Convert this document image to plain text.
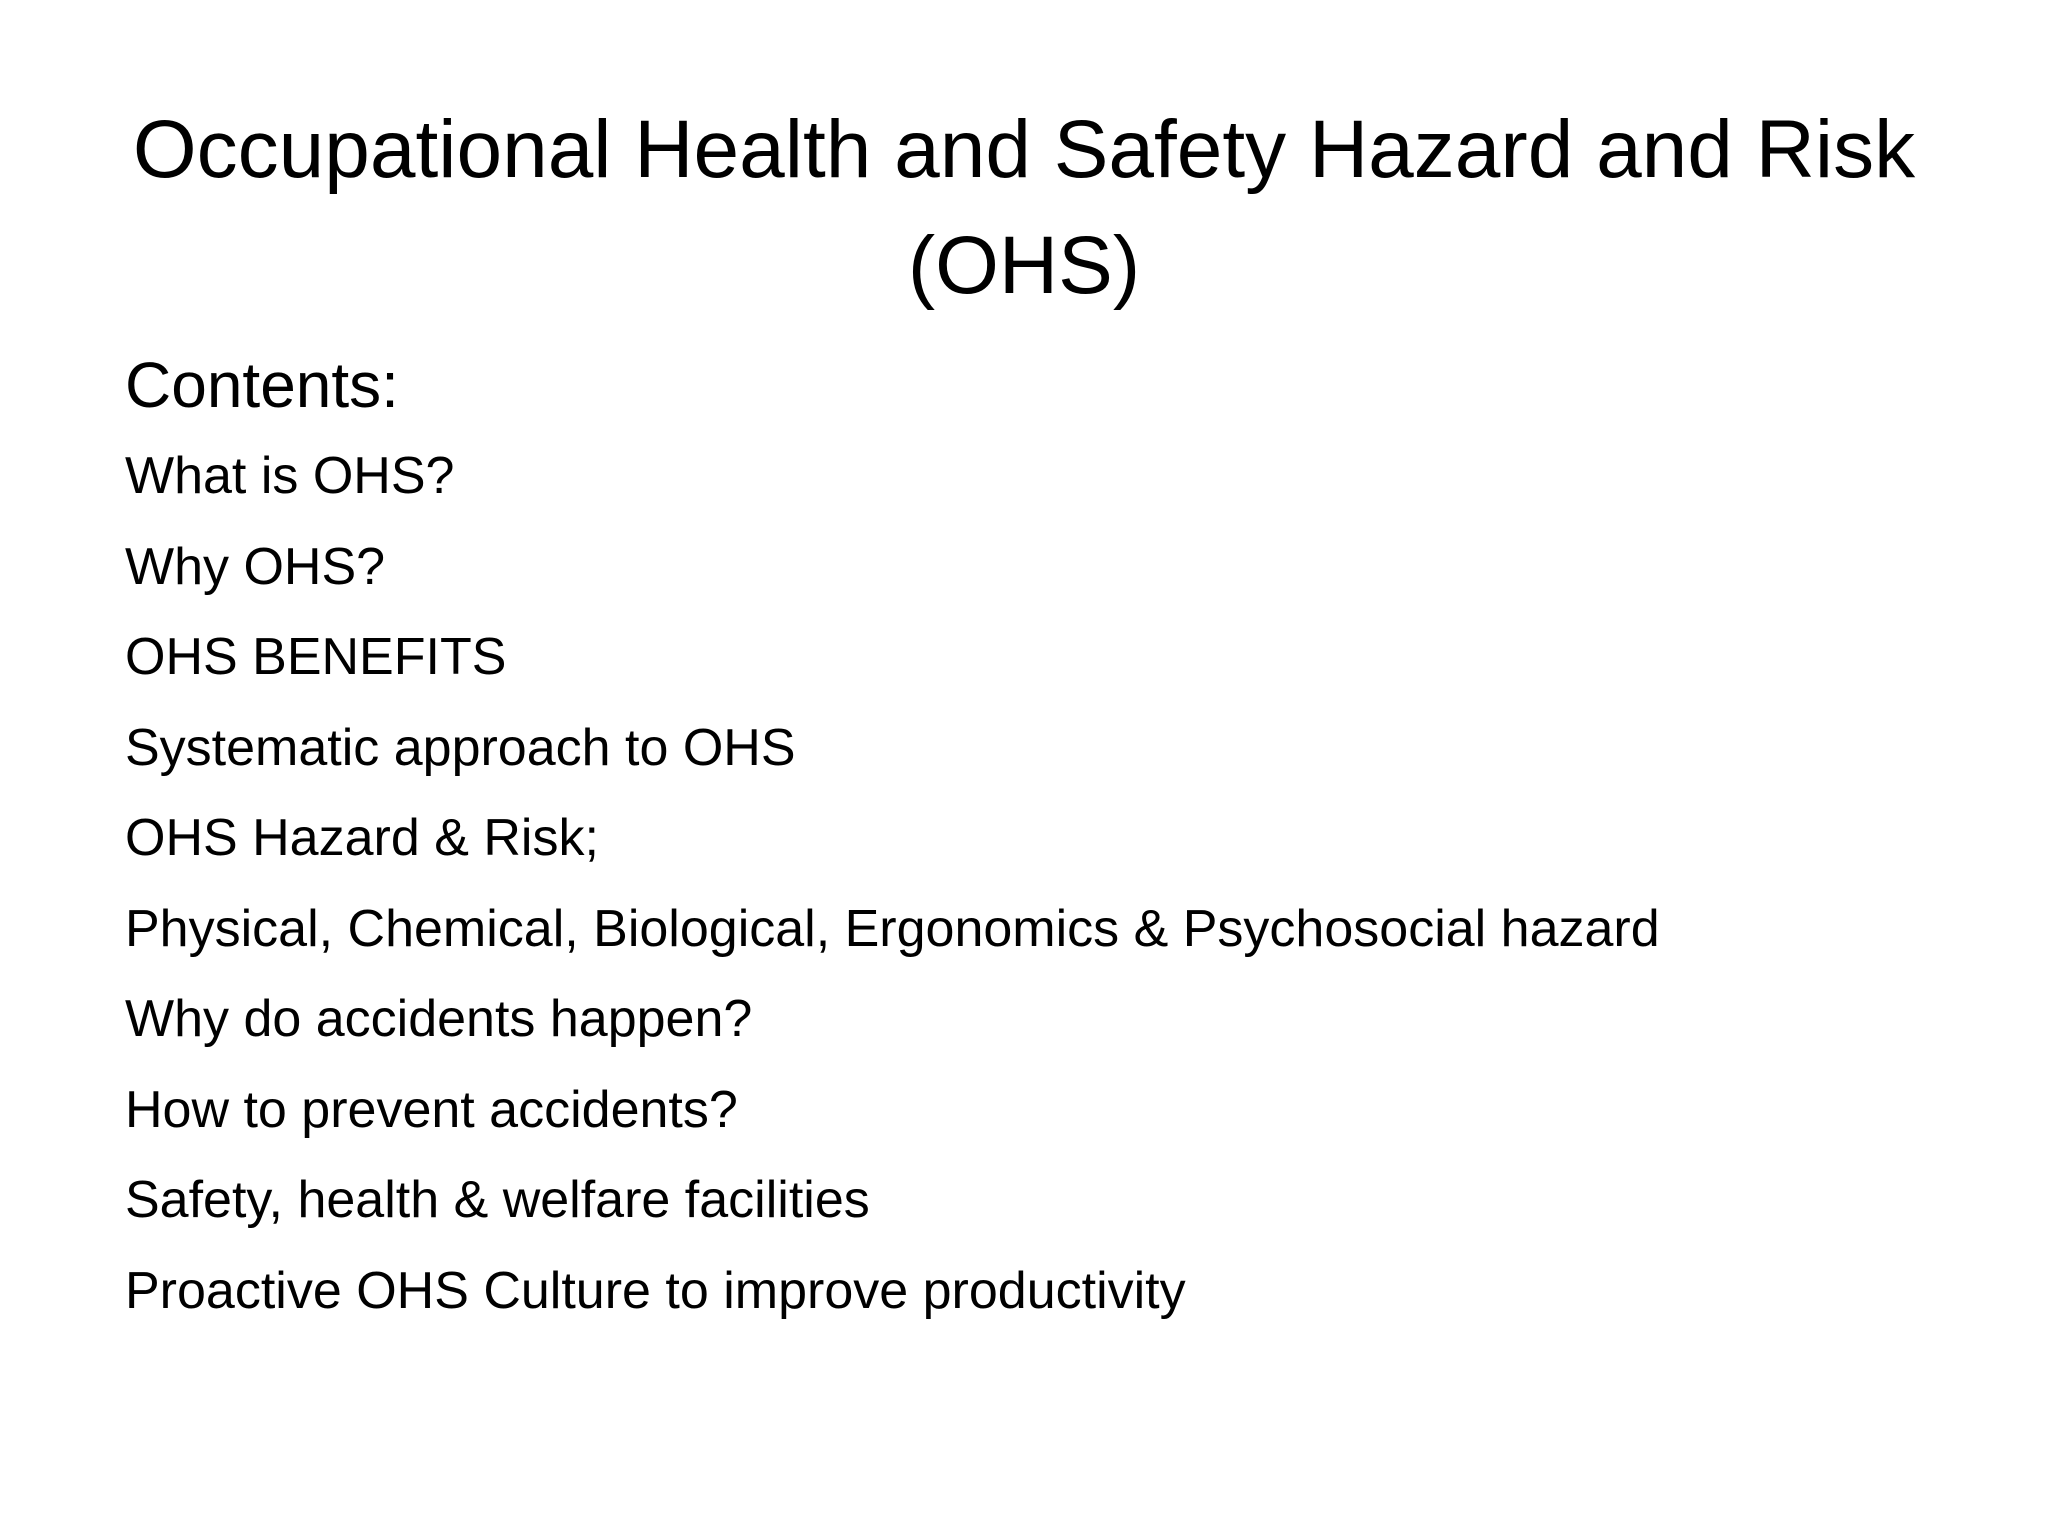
Occupational Health and Safety Hazard and Risk (OHS)
Contents:
What is OHS?
Why OHS?
OHS BENEFITS
Systematic approach to OHS
OHS Hazard & Risk;
Physical, Chemical, Biological, Ergonomics & Psychosocial hazard
Why do accidents happen?
How to prevent accidents?
Safety, health & welfare facilities
Proactive OHS Culture to improve productivity
